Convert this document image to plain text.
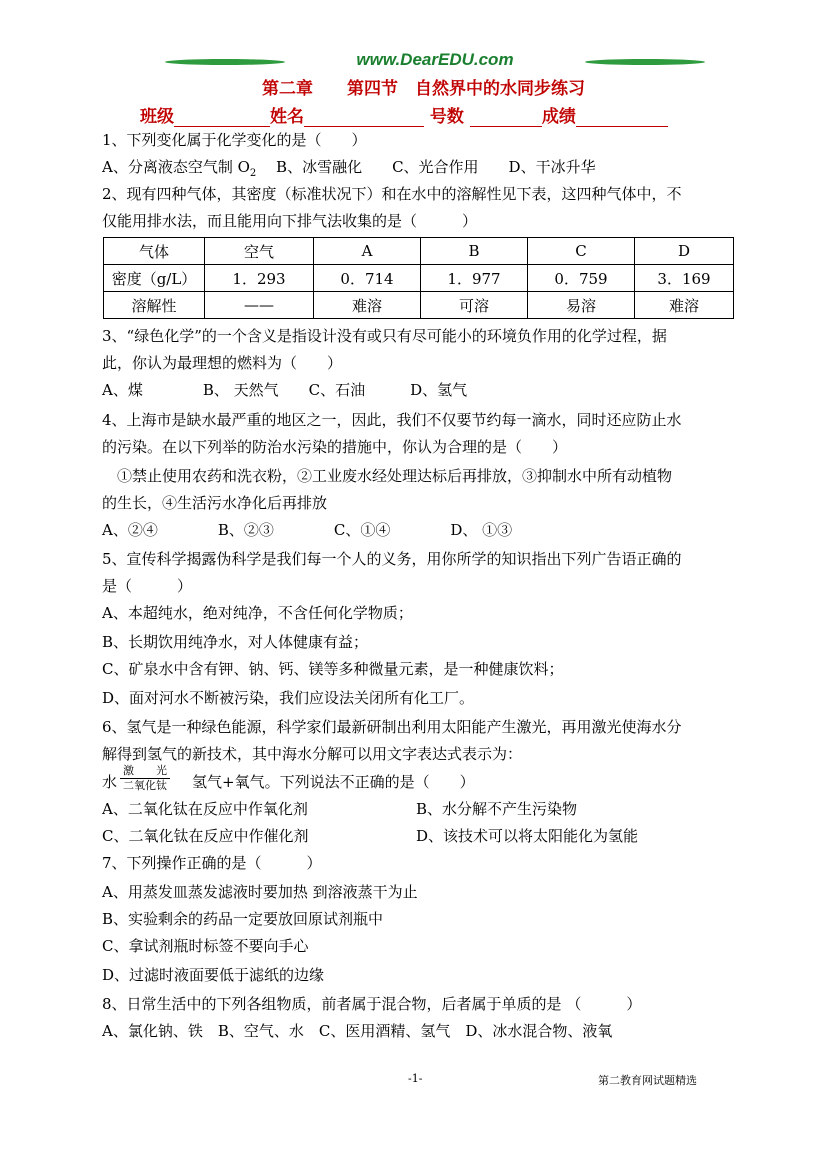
www.DearEDU.com
第二章　　第四节　自然界中的水同步练习
班级	姓名	号数	成绩
1、下列变化属于化学变化的是（　　）
A、分离液态空气制 $O_2$　 B、冰雪融化　　C、光合作用　　D、干冰升华
2、现有四种气体，其密度（标准状况下）和在水中的溶解性见下表，这四种气体中，不
仅能用排水法，而且能用向下排气法收集的是（　　　）
气体	空气	A	B	C	D
密度（g/L）	1．293	0．714	1．977	0．759	3．169
溶解性	——	难溶	可溶	易溶	难溶
3、“绿色化学”的一个含义是指设计没有或只有尽可能小的环境负作用的化学过程，据
此，你认为最理想的燃料为（　　）
A、煤　　　　B、 天然气　　C、石油　　　D、氢气
4、上海市是缺水最严重的地区之一，因此，我们不仅要节约每一滴水，同时还应防止水
的污染。在以下列举的防治水污染的措施中，你认为合理的是（　　）
　①禁止使用农药和洗衣粉，②工业废水经处理达标后再排放，③抑制水中所有动植物
的生长，④生活污水净化后再排放
A、②④　　　　B、②③　　　　C、①④　　　　D、 ①③
5、宣传科学揭露伪科学是我们每一个人的义务，用你所学的知识指出下列广告语正确的
是（　　　）
A、本超纯水，绝对纯净，不含任何化学物质；
B、长期饮用纯净水，对人体健康有益；
C、矿泉水中含有钾、钠、钙、镁等多种微量元素，是一种健康饮料；
D、面对河水不断被污染，我们应设法关闭所有化工厂。
6、氢气是一种绿色能源，科学家们最新研制出利用太阳能产生激光，再用激光使海水分
解得到氢气的新技术，其中海水分解可以用文字表达式表示为：
水
激　　光
二氧化钛 氢气+氧气。下列说法不正确的是（　　）
A、二氧化钛在反应中作氧化剂	B、水分解不产生污染物
C、二氧化钛在反应中作催化剂	D、该技术可以将太阳能化为氢能
7、下列操作正确的是（　　　）
A、用蒸发皿蒸发滤液时要加热 到溶液蒸干为止
B、实验剩余的药品一定要放回原试剂瓶中
C、拿试剂瓶时标签不要向手心
D、过滤时液面要低于滤纸的边缘
8、日常生活中的下列各组物质，前者属于混合物，后者属于单质的是 （　　　）
A、氯化钠、铁　B、空气、水　C、医用酒精、氢气　D、冰水混合物、液氧
-1-	第二教育网试题精选
